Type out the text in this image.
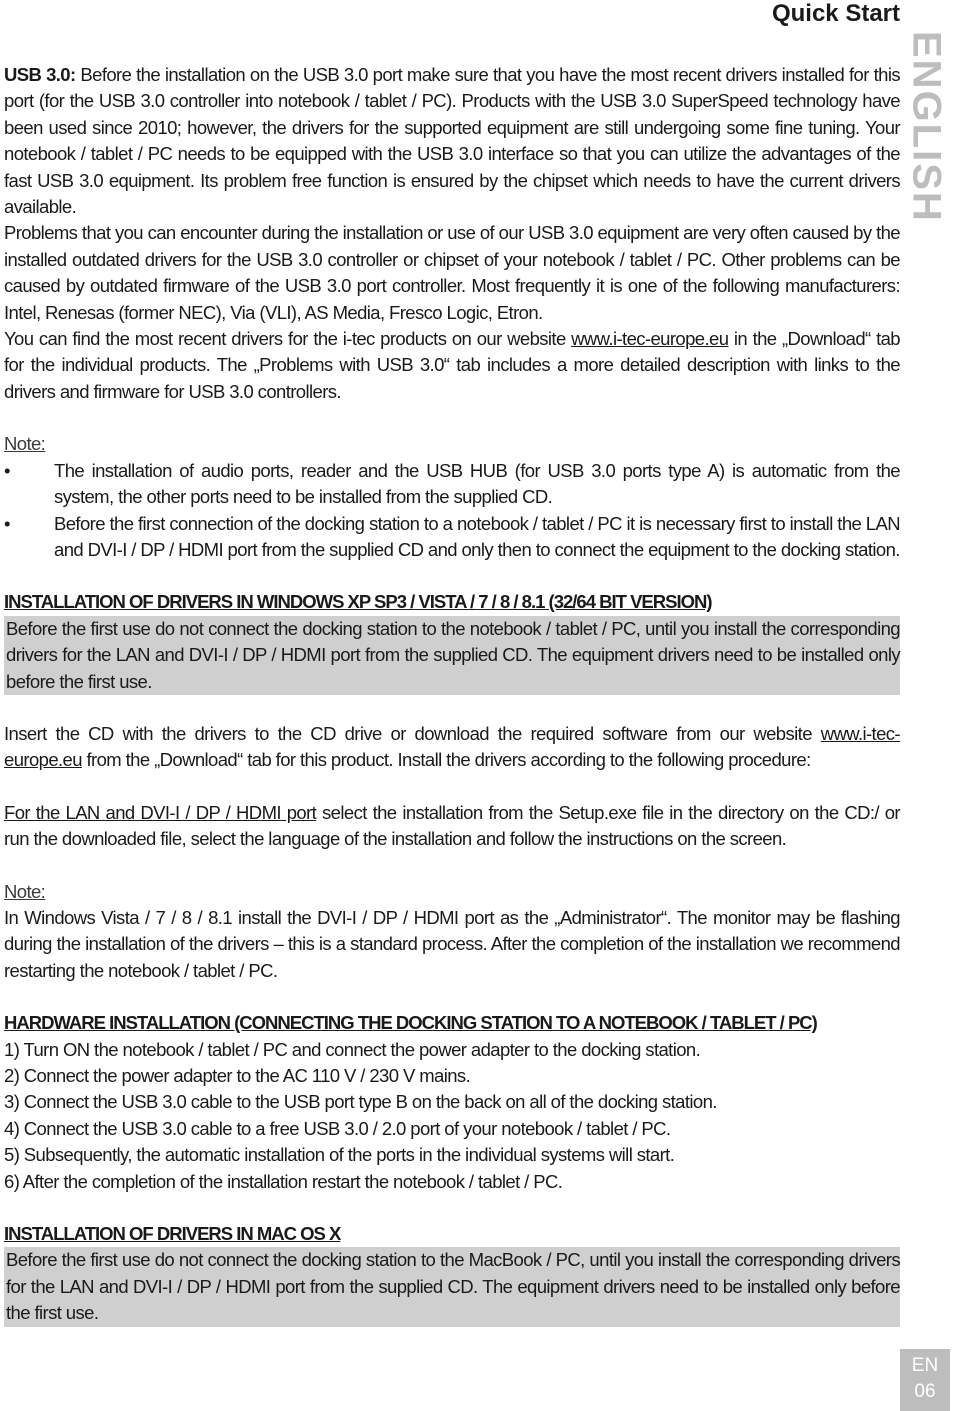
Quick Start
ENGLISH

USB 3.0: Before the installation on the USB 3.0 port make sure that you have the most recent drivers installed for this port (for the USB 3.0 controller into notebook / tablet / PC). Products with the USB 3.0 SuperSpeed technology have been used since 2010; however, the drivers for the supported equipment are still undergoing some fine tuning. Your notebook / tablet / PC needs to be equipped with the USB 3.0 interface so that you can utilize the advantages of the fast USB 3.0 equipment. Its problem free function is ensured by the chipset which needs to have the current drivers available.

Problems that you can encounter during the installation or use of our USB 3.0 equipment are very often caused by the installed outdated drivers for the USB 3.0 controller or chipset of your notebook / tablet / PC. Other problems can be caused by outdated firmware of the USB 3.0 port controller. Most frequently it is one of the following manufacturers: Intel, Renesas (former NEC), Via (VLI), AS Media, Fresco Logic, Etron.

You can find the most recent drivers for the i-tec products on our website www.i-tec-europe.eu in the „Download“ tab for the individual products. The „Problems with USB 3.0“ tab includes a more detailed description with links to the drivers and firmware for USB 3.0 controllers.

Note:

• The installation of audio ports, reader and the USB HUB (for USB 3.0 ports type A) is automatic from the system, the other ports need to be installed from the supplied CD.
• Before the first connection of the docking station to a notebook / tablet / PC it is necessary first to install the LAN and DVI-I / DP / HDMI port from the supplied CD and only then to connect the equipment to the docking station.

INSTALLATION OF DRIVERS IN WINDOWS XP SP3 / VISTA / 7 / 8 / 8.1 (32/64 BIT VERSION)

Before the first use do not connect the docking station to the notebook / tablet / PC, until you install the corresponding drivers for the LAN and DVI-I / DP / HDMI port from the supplied CD. The equipment drivers need to be installed only before the first use.

Insert the CD with the drivers to the CD drive or download the required software from our website www.i-tec-europe.eu from the „Download“ tab for this product. Install the drivers according to the following procedure:

For the LAN and DVI-I / DP / HDMI port select the installation from the Setup.exe file in the directory on the CD:/ or run the downloaded file, select the language of the installation and follow the instructions on the screen.

Note:

In Windows Vista / 7 / 8 / 8.1 install the DVI-I / DP / HDMI port as the „Administrator“. The monitor may be flashing during the installation of the drivers – this is a standard process. After the completion of the installation we recommend restarting the notebook / tablet / PC.

HARDWARE INSTALLATION (CONNECTING THE DOCKING STATION TO A NOTEBOOK / TABLET / PC)

1) Turn ON the notebook / tablet / PC and connect the power adapter to the docking station.
2) Connect the power adapter to the AC 110 V / 230 V mains.
3) Connect the USB 3.0 cable to the USB port type B on the back on all of the docking station.
4) Connect the USB 3.0 cable to a free USB 3.0 / 2.0 port of your notebook / tablet / PC.
5) Subsequently, the automatic installation of the ports in the individual systems will start.
6) After the completion of the installation restart the notebook / tablet / PC.

INSTALLATION OF DRIVERS IN MAC OS X

Before the first use do not connect the docking station to the MacBook / PC, until you install the corresponding drivers for the LAN and DVI-I / DP / HDMI port from the supplied CD. The equipment drivers need to be installed only before the first use.

EN
06
